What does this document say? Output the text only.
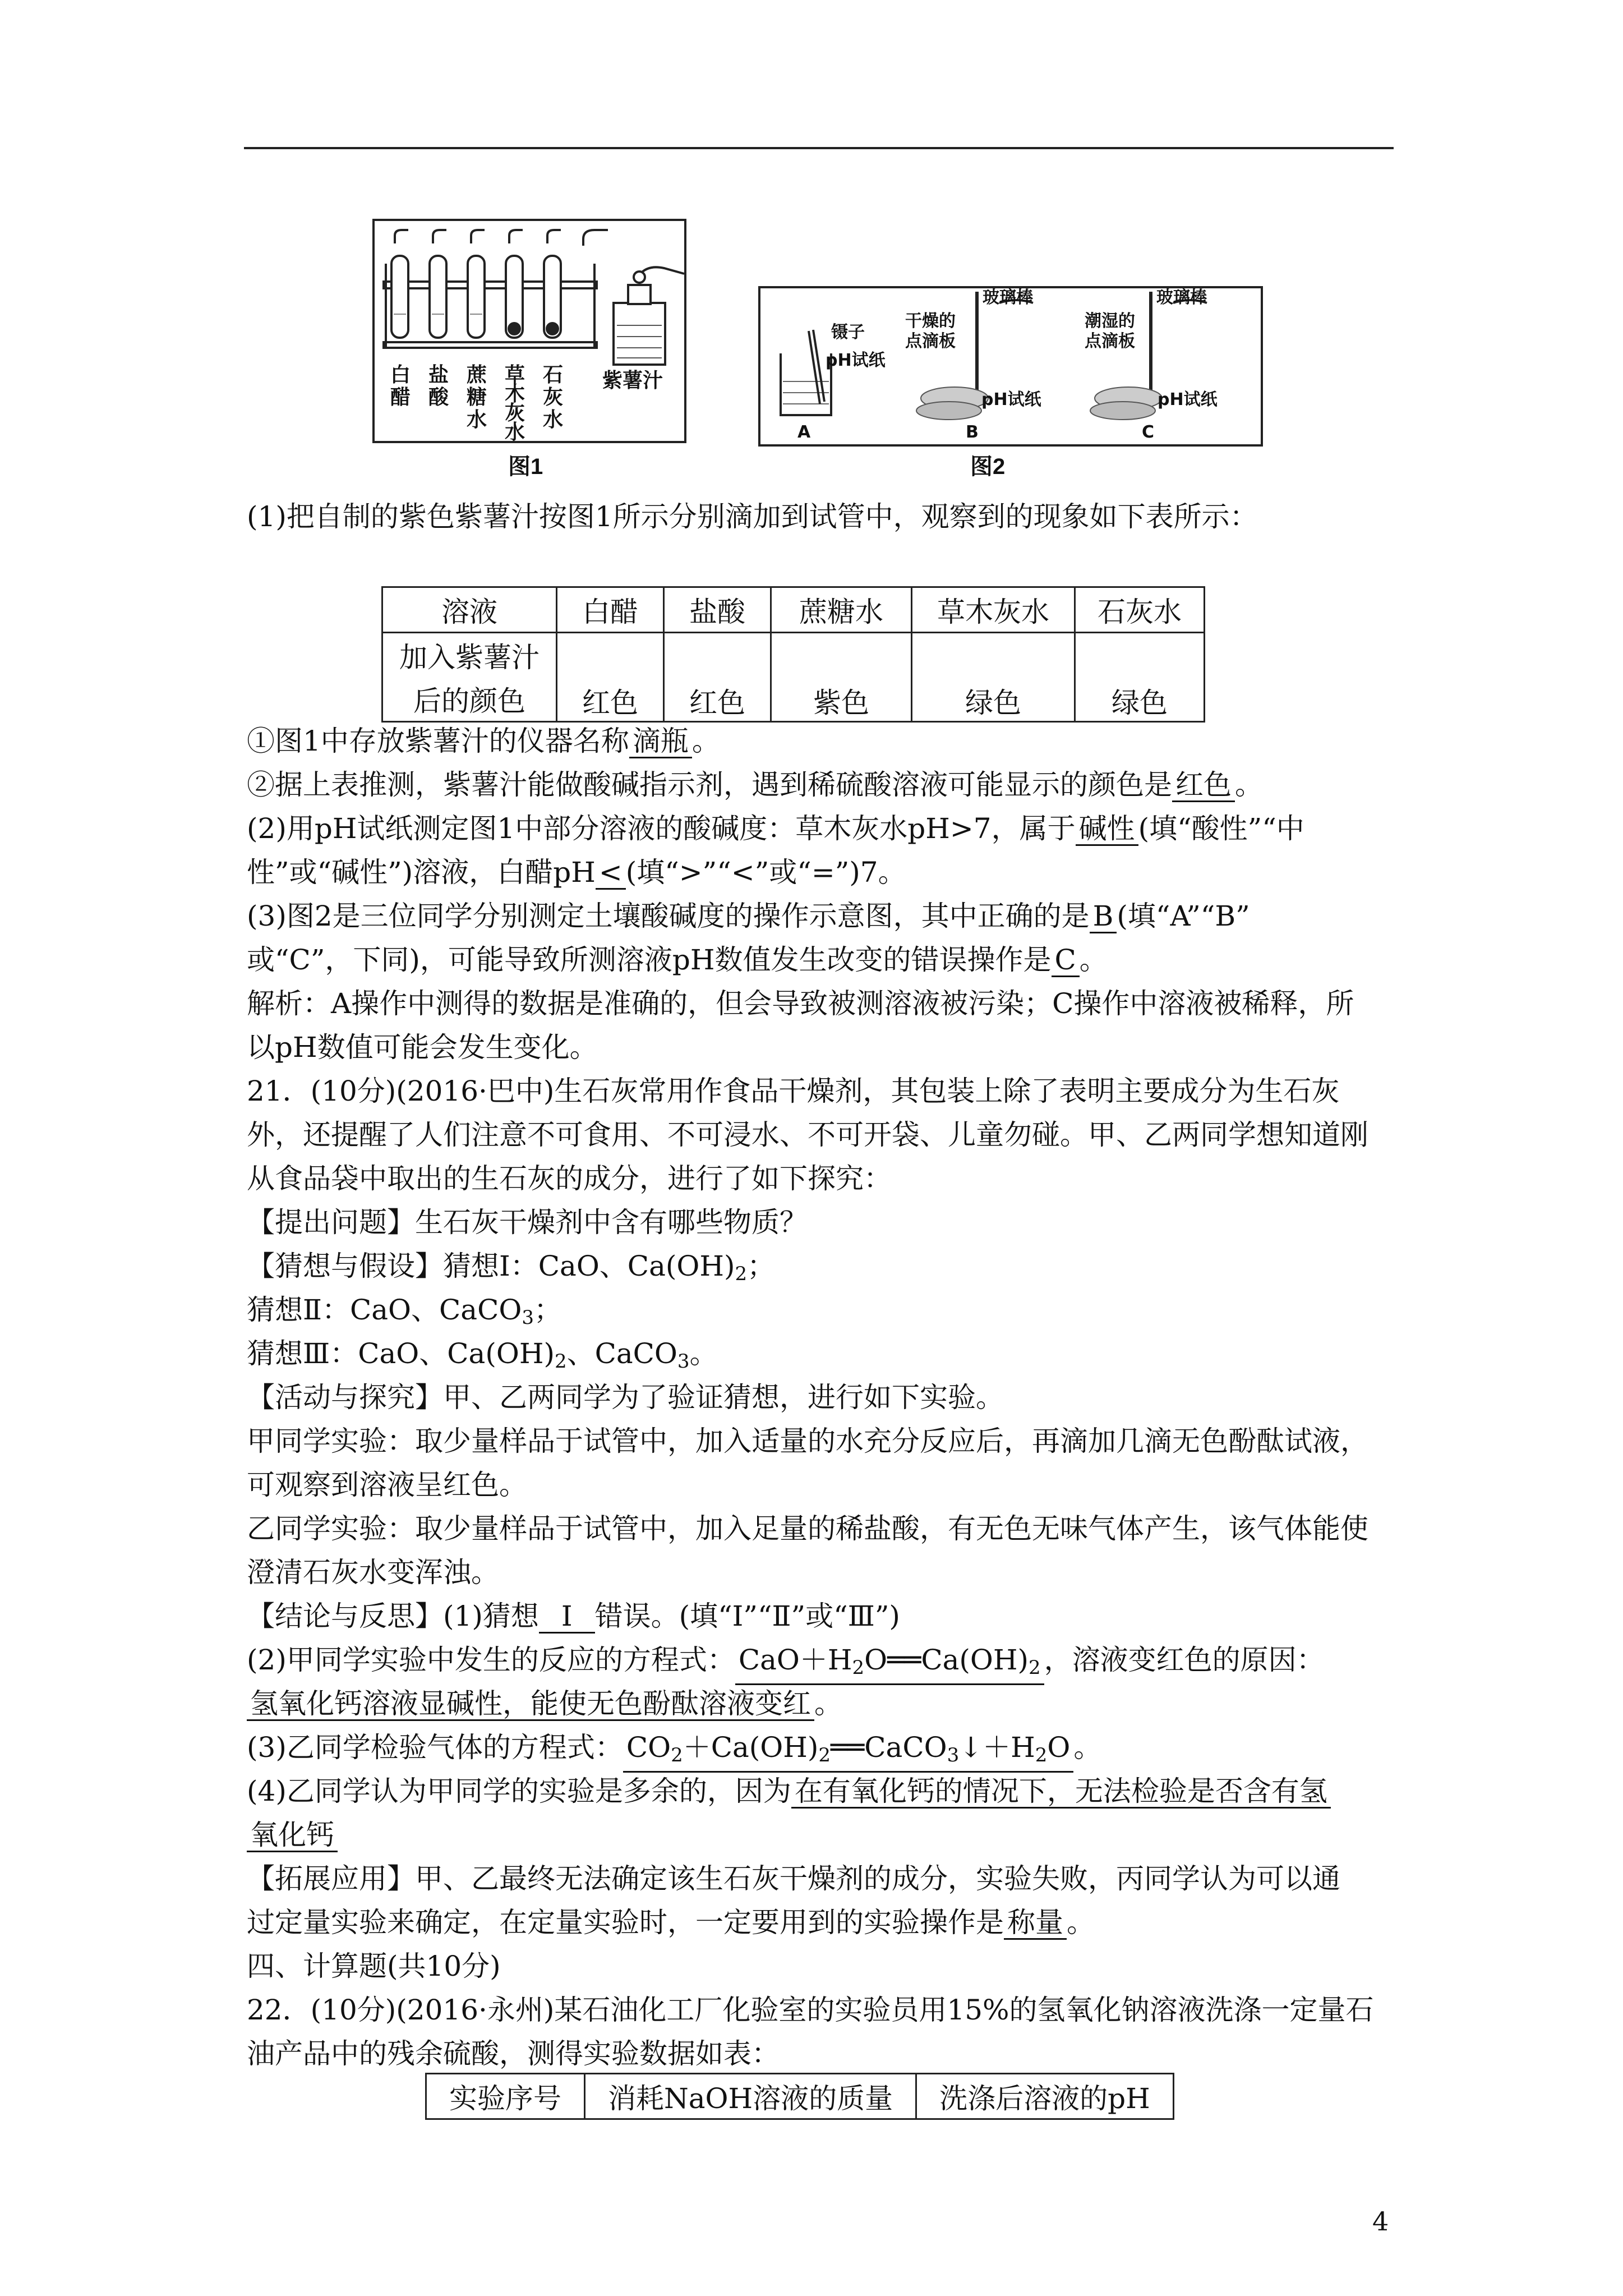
白醋
盐酸
蔗糖水
草木灰水
石灰水
紫薯汁
图1
镊子
pH试纸
A
玻璃棒
干燥的
点滴板
pH试纸
B
玻璃棒
潮湿的
点滴板
pH试纸
C
图2
(1)把自制的紫色紫薯汁按图1所示分别滴加到试管中，观察到的现象如下表所示：
溶液	白醋	盐酸	蔗糖水	草木灰水	石灰水
加入紫薯汁	红色	红色	紫色	绿色	绿色
后的颜色					
①图1中存放紫薯汁的仪器名称 滴瓶 。
②据上表推测，紫薯汁能做酸碱指示剂，遇到稀硫酸溶液可能显示的颜色是 红色 。
(2)用pH试纸测定图1中部分溶液的酸碱度：草木灰水pH>7，属于 碱性 (填“酸性”“中
性”或“碱性”)溶液，白醋pH < (填“>”“<”或“=”)7。
(3)图2是三位同学分别测定土壤酸碱度的操作示意图，其中正确的是 B (填“A”“B”
或“C”，下同)，可能导致所测溶液pH数值发生改变的错误操作是 C 。
解析：A操作中测得的数据是准确的，但会导致被测溶液被污染；C操作中溶液被稀释，所
以pH数值可能会发生变化。
21．(10分)(2016·巴中)生石灰常用作食品干燥剂，其包装上除了表明主要成分为生石灰
外，还提醒了人们注意不可食用、不可浸水、不可开袋、儿童勿碰。甲、乙两同学想知道刚
从食品袋中取出的生石灰的成分，进行了如下探究：
【提出问题】生石灰干燥剂中含有哪些物质？
【猜想与假设】猜想Ⅰ：CaO、$Ca(OH)_2$；
猜想Ⅱ：CaO、CaCO$_3$；
猜想Ⅲ：CaO、$Ca(OH)_2$、CaCO$_3$。
【活动与探究】甲、乙两同学为了验证猜想，进行如下实验。
甲同学实验：取少量样品于试管中，加入适量的水充分反应后，再滴加几滴无色酚酞试液，
可观察到溶液呈红色。
乙同学实验：取少量样品于试管中，加入足量的稀盐酸，有无色无味气体产生，该气体能使
澄清石灰水变浑浊。
【结论与反思】(1)猜想 Ⅰ 错误。(填“Ⅰ”“Ⅱ”或“Ⅲ”)
(2)甲同学实验中发生的反应的方程式： $CaO+H_2O══Ca(OH)_2$ ，溶液变红色的原因：
氢氧化钙溶液显碱性，能使无色酚酞溶液变红 。
(3)乙同学检验气体的方程式： $CO_2+Ca(OH)_2══CaCO_3↓+H_2O$ 。
(4)乙同学认为甲同学的实验是多余的，因为 在有氧化钙的情况下，无法检验是否含有氢
氧化钙
【拓展应用】甲、乙最终无法确定该生石灰干燥剂的成分，实验失败，丙同学认为可以通
过定量实验来确定，在定量实验时，一定要用到的实验操作是 称量 。
四、计算题(共10分)
22．(10分)(2016·永州)某石油化工厂化验室的实验员用15%的氢氧化钠溶液洗涤一定量石
油产品中的残余硫酸，测得实验数据如表：
实验序号	消耗NaOH溶液的质量	洗涤后溶液的pH
4
